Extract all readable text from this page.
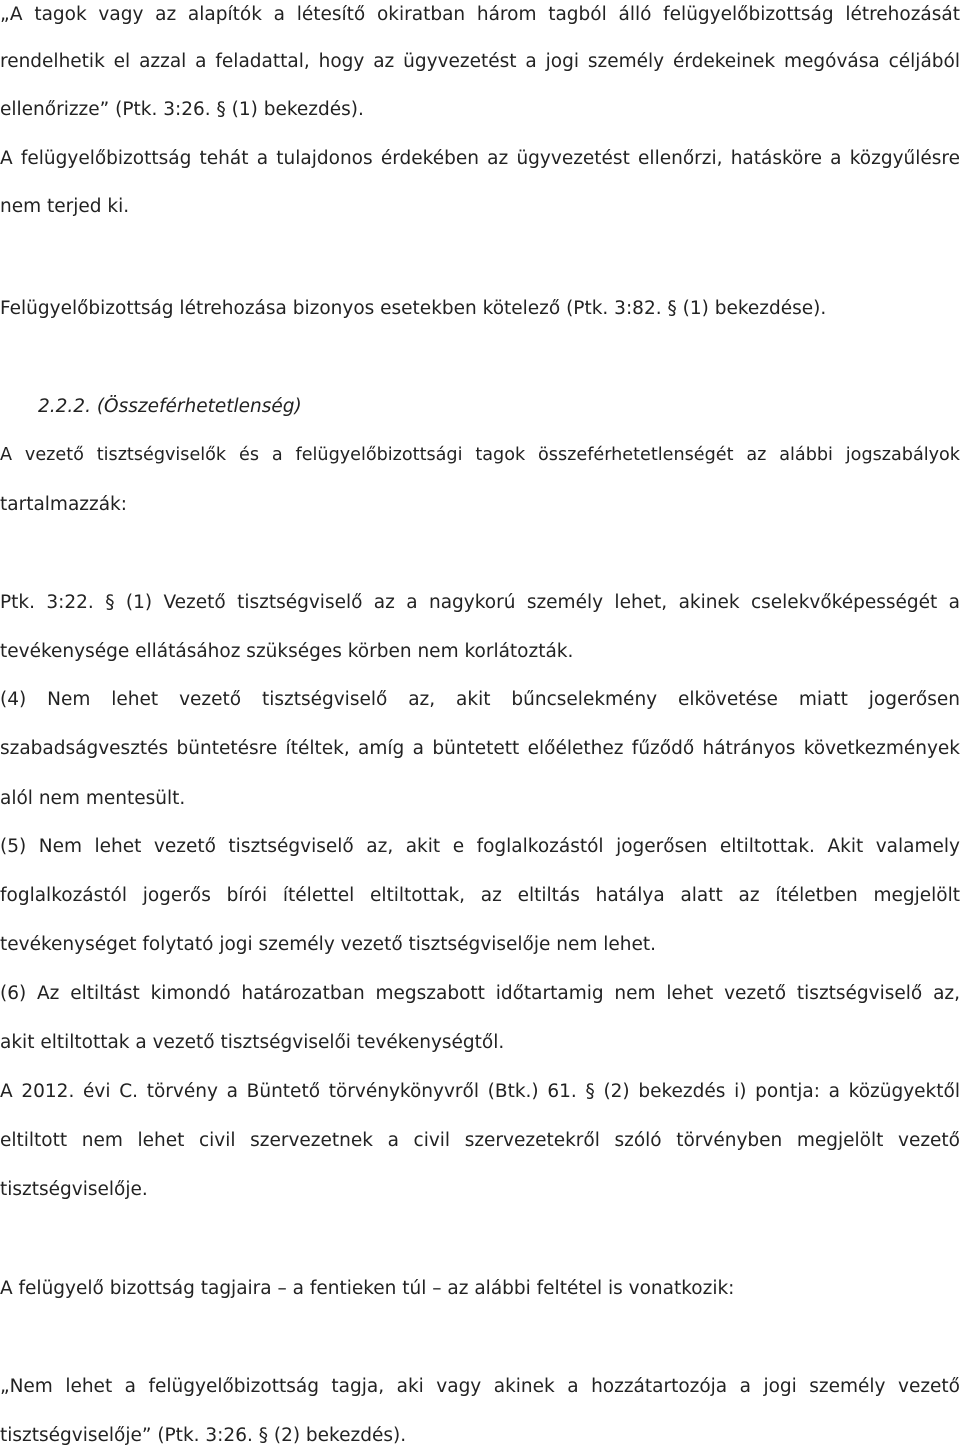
„A tagok vagy az alapítók a létesítő okiratban három tagból álló felügyelőbizottság létrehozását

rendelhetik el azzal a feladattal, hogy az ügyvezetést a jogi személy érdekeinek megóvása céljából

ellenőrizze” (Ptk. 3:26. § (1) bekezdés).

A felügyelőbizottság tehát a tulajdonos érdekében az ügyvezetést ellenőrzi, hatásköre a közgyűlésre

nem terjed ki.

Felügyelőbizottság létrehozása bizonyos esetekben kötelező (Ptk. 3:82. § (1) bekezdése).

2.2.2. (Összeférhetetlenség)

A vezető tisztségviselők és a felügyelőbizottsági tagok összeférhetetlenségét az alábbi jogszabályok

tartalmazzák:

Ptk. 3:22. § (1) Vezető tisztségviselő az a nagykorú személy lehet, akinek cselekvőképességét a

tevékenysége ellátásához szükséges körben nem korlátozták.

(4) Nem lehet vezető tisztségviselő az, akit bűncselekmény elkövetése miatt jogerősen

szabadságvesztés büntetésre ítéltek, amíg a büntetett előélethez fűződő hátrányos következmények

alól nem mentesült.

(5) Nem lehet vezető tisztségviselő az, akit e foglalkozástól jogerősen eltiltottak. Akit valamely

foglalkozástól jogerős bírói ítélettel eltiltottak, az eltiltás hatálya alatt az ítéletben megjelölt

tevékenységet folytató jogi személy vezető tisztségviselője nem lehet.

(6) Az eltiltást kimondó határozatban megszabott időtartamig nem lehet vezető tisztségviselő az,

akit eltiltottak a vezető tisztségviselői tevékenységtől.

A 2012. évi C. törvény a Büntető törvénykönyvről (Btk.) 61. § (2) bekezdés i) pontja: a közügyektől

eltiltott nem lehet civil szervezetnek a civil szervezetekről szóló törvényben megjelölt vezető

tisztségviselője.

A felügyelő bizottság tagjaira – a fentieken túl – az alábbi feltétel is vonatkozik:

„Nem lehet a felügyelőbizottság tagja, aki vagy akinek a hozzátartozója a jogi személy vezető

tisztségviselője” (Ptk. 3:26. § (2) bekezdés).
